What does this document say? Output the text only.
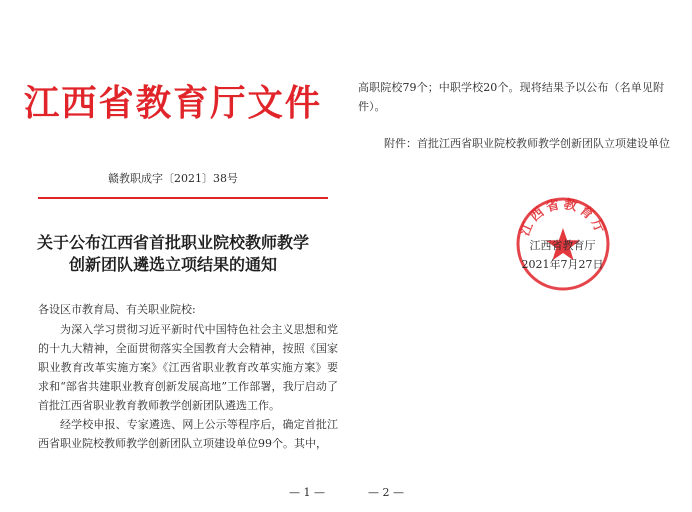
江西省教育厅文件
赣教职成字〔2021〕38号
关于公布江西省首批职业院校教师教学
创新团队遴选立项结果的通知
各设区市教育局、有关职业院校:

为深入学习贯彻习近平新时代中国特色社会主义思想和党的十九大精神，全面贯彻落实全国教育大会精神，按照《国家职业教育改革实施方案》《江西省职业教育改革实施方案》要求和“部省共建职业教育创新发展高地”工作部署，我厅启动了首批江西省职业教育教师教学创新团队遴选工作。

经学校申报、专家遴选、网上公示等程序后，确定首批江西省职业院校教师教学创新团队立项建设单位99个。其中，

— 1 —	— 2 —

高职院校79个；中职学校20个。现将结果予以公布（名单见附件）。

附件：首批江西省职业院校教师教学创新团队立项建设单位
江西省教育厅
江西省教育厅
2021年7月27日
